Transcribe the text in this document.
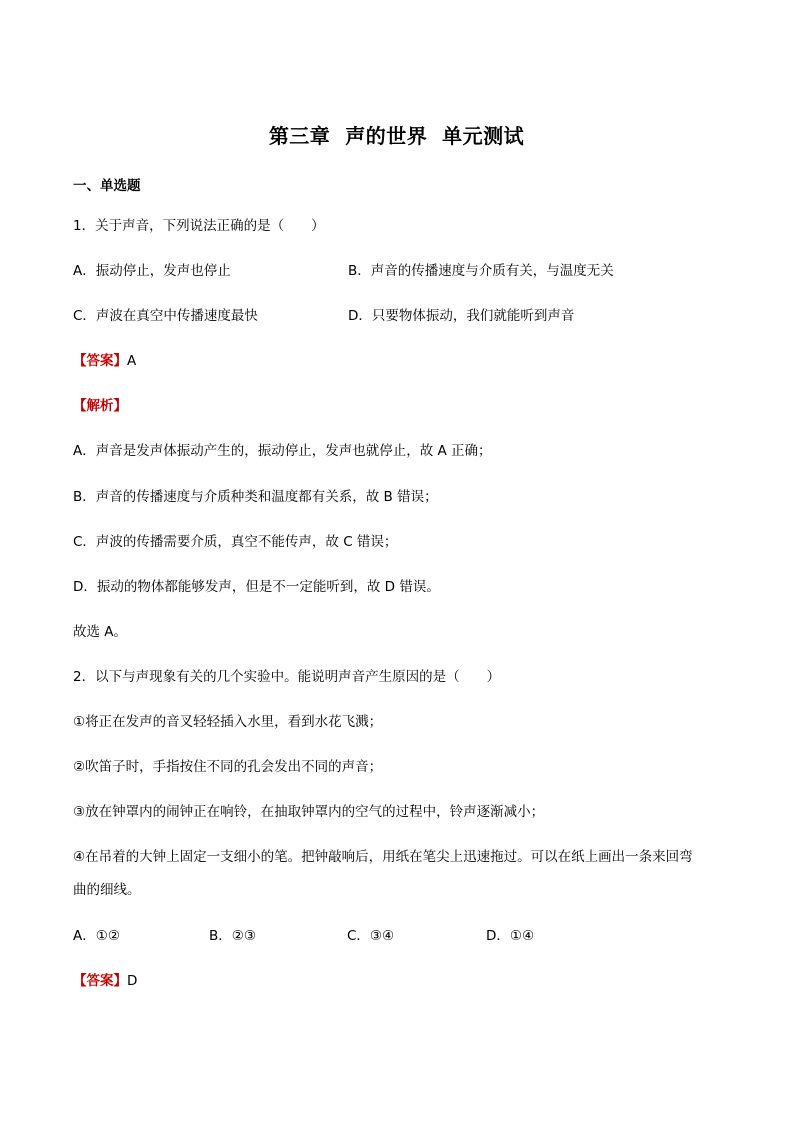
第三章  声的世界  单元测试
一、单选题
1．关于声音，下列说法正确的是（　　）
A．振动停止，发声也停止	B．声音的传播速度与介质有关，与温度无关
C．声波在真空中传播速度最快	D．只要物体振动，我们就能听到声音
【答案】A
【解析】
A．声音是发声体振动产生的，振动停止，发声也就停止，故 A 正确；
B．声音的传播速度与介质种类和温度都有关系，故 B 错误；
C．声波的传播需要介质，真空不能传声，故 C 错误；
D．振动的物体都能够发声，但是不一定能听到，故 D 错误。
故选 A。
2．以下与声现象有关的几个实验中。能说明声音产生原因的是（　　）
①将正在发声的音叉轻轻插入水里，看到水花飞溅；
②吹笛子时，手指按住不同的孔会发出不同的声音；
③放在钟罩内的闹钟正在响铃，在抽取钟罩内的空气的过程中，铃声逐渐减小；
④在吊着的大钟上固定一支细小的笔。把钟敲响后，用纸在笔尖上迅速拖过。可以在纸上画出一条来回弯
曲的细线。
A．①②	B．②③	C．③④	D．①④
【答案】D
